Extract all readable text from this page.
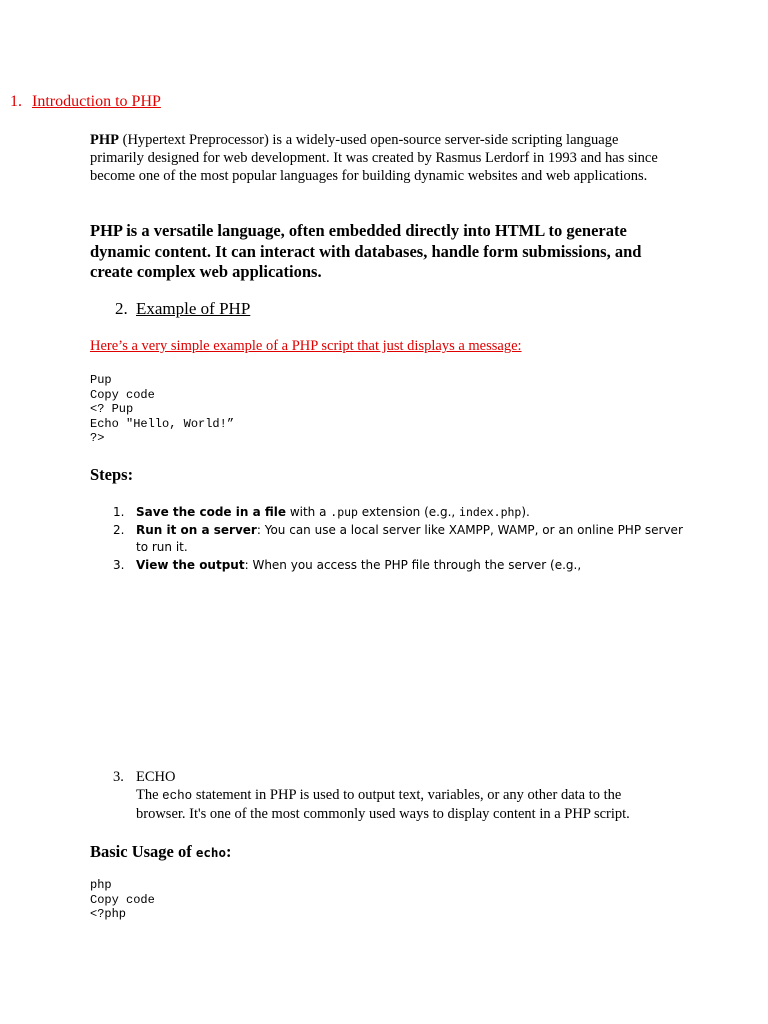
1. Introduction to PHP
PHP (Hypertext Preprocessor) is a widely-used open-source server-side scripting language primarily designed for web development. It was created by Rasmus Lerdorf in 1993 and has since become one of the most popular languages for building dynamic websites and web applications.
PHP is a versatile language, often embedded directly into HTML to generate dynamic content. It can interact with databases, handle form submissions, and create complex web applications.
2. Example of PHP
Here’s a very simple example of a PHP script that just displays a message:
Pup
Copy code
<? Pup
Echo "Hello, World!”
?>
Steps:
1. Save the code in a file with a .pup extension (e.g., index.php).
2. Run it on a server: You can use a local server like XAMPP, WAMP, or an online PHP server to run it.
3. View the output: When you access the PHP file through the server (e.g.,
3. ECHO
The echo statement in PHP is used to output text, variables, or any other data to the browser. It's one of the most commonly used ways to display content in a PHP script.
Basic Usage of echo:
php
Copy code
<?php
